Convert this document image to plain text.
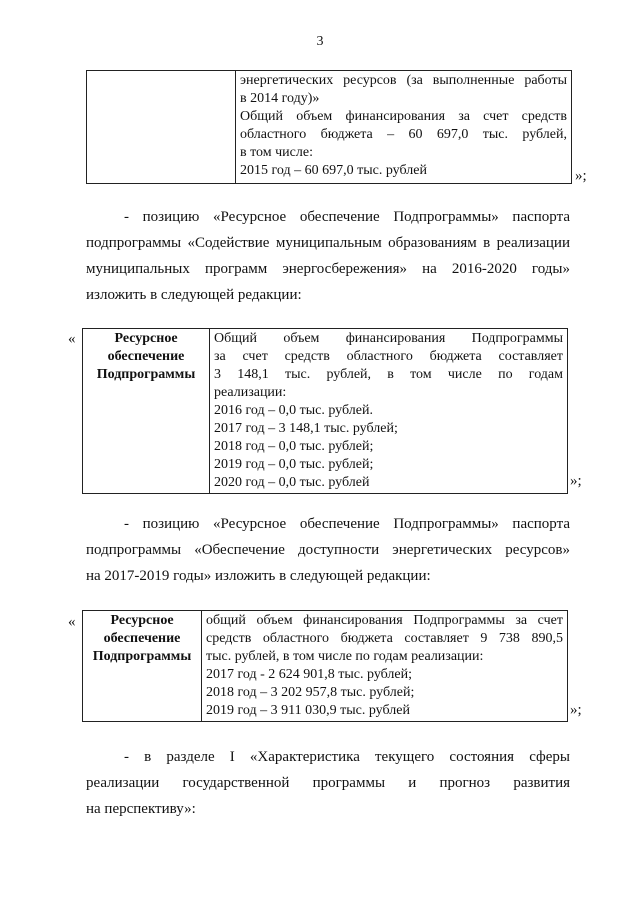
3

энергетических ресурсов (за выполненные работы
в 2014 году)»
Общий объем финансирования за счет средств
областного бюджета – 60 697,0 тыс. рублей,
в том числе:
2015 год – 60 697,0 тыс. рублей	»;
- позицию «Ресурсное обеспечение Подпрограммы» паспорта
подпрограммы «Содействие муниципальным образованиям в реализации
муниципальных программ энергосбережения» на 2016-2020 годы»
изложить в следующей редакции:
«	Ресурсное
обеспечение
Подпрограммы

Общий объем финансирования Подпрограммы
за счет средств областного бюджета составляет
3 148,1 тыс. рублей, в том числе по годам
реализации:
2016 год – 0,0 тыс. рублей.
2017 год – 3 148,1 тыс. рублей;
2018 год – 0,0 тыс. рублей;
2019 год – 0,0 тыс. рублей;
2020 год – 0,0 тыс. рублей	»;
- позицию «Ресурсное обеспечение Подпрограммы» паспорта
подпрограммы «Обеспечение доступности энергетических ресурсов»
на 2017-2019 годы» изложить в следующей редакции:
«	Ресурсное
обеспечение
Подпрограммы

общий объем финансирования Подпрограммы за счет
средств областного бюджета составляет 9 738 890,5
тыс. рублей, в том числе по годам реализации:
2017 год - 2 624 901,8 тыс. рублей;
2018 год – 3 202 957,8 тыс. рублей;
2019 год – 3 911 030,9 тыс. рублей	»;
- в разделе I «Характеристика текущего состояния сферы
реализации государственной программы и прогноз развития
на перспективу»:
